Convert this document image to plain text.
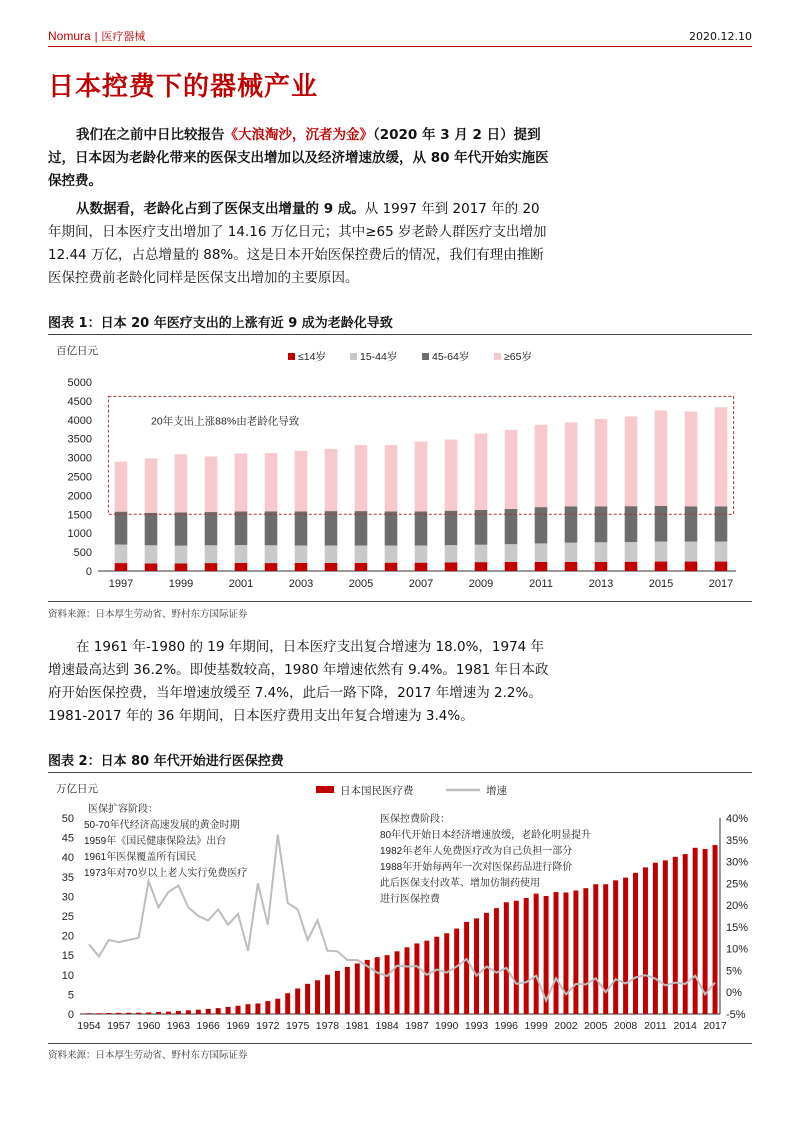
Nomura | 医疗器械	2020.12.10
日本控费下的器械产业

我们在之前中日比较报告《大浪淘沙，沉者为金》（2020 年 3 月 2 日）提到过，日本因为老龄化带来的医保支出增加以及经济增速放缓，从 80 年代开始实施医保控费。

从数据看，老龄化占到了医保支出增量的 9 成。从 1997 年到 2017 年的 20 年期间，日本医疗支出增加了 14.16 万亿日元；其中≥65 岁老龄人群医疗支出增加 12.44 万亿，占总增量的 88%。这是日本开始医保控费后的情况，我们有理由推断医保控费前老龄化同样是医保支出增加的主要原因。

图表 1：日本 20 年医疗支出的上涨有近 9 成为老龄化导致
百亿日元	≤14岁	15-44岁	45-64岁	≥65岁
0
500
1000
1500
2000
2500
3000
3500
4000
4500
5000
1997	1999	2001	2003	2005	2007	2009	2011	2013	2015	2017
20年支出上涨88%由老龄化导致
资料来源：日本厚生劳动省、野村东方国际证券

在 1961 年-1980 的 19 年期间，日本医疗支出复合增速为 18.0%，1974 年增速最高达到 36.2%。即使基数较高，1980 年增速依然有 9.4%。1981 年日本政府开始医保控费，当年增速放缓至 7.4%，此后一路下降，2017 年增速为 2.2%。1981-2017 年的 36 年期间，日本医疗费用支出年复合增速为 3.4%。

图表 2：日本 80 年代开始进行医保控费
万亿日元	日本国民医疗费	增速
0
5
10
15
20
25
30
35
40
45
50
-5%
0%
5%
10%
15%
20%
25%
30%
35%
40%
1954 1957 1960 1963 1966 1969 1972 1975 1978 1981 1984 1987 1990 1993 1996 1999 2002 2005 2008 2011 2014 2017
医保扩容阶段：
50-70年代经济高速发展的黄金时期
1959年《国民健康保险法》出台
1961年医保覆盖所有国民
1973年对70岁以上老人实行免费医疗
医保控费阶段：
80年代开始日本经济增速放缓，老龄化明显提升
1982年老年人免费医疗改为自己负担一部分
1988年开始每两年一次对医保药品进行降价
此后医保支付改革、增加仿制药使用
进行医保控费
资料来源：日本厚生劳动省、野村东方国际证券
